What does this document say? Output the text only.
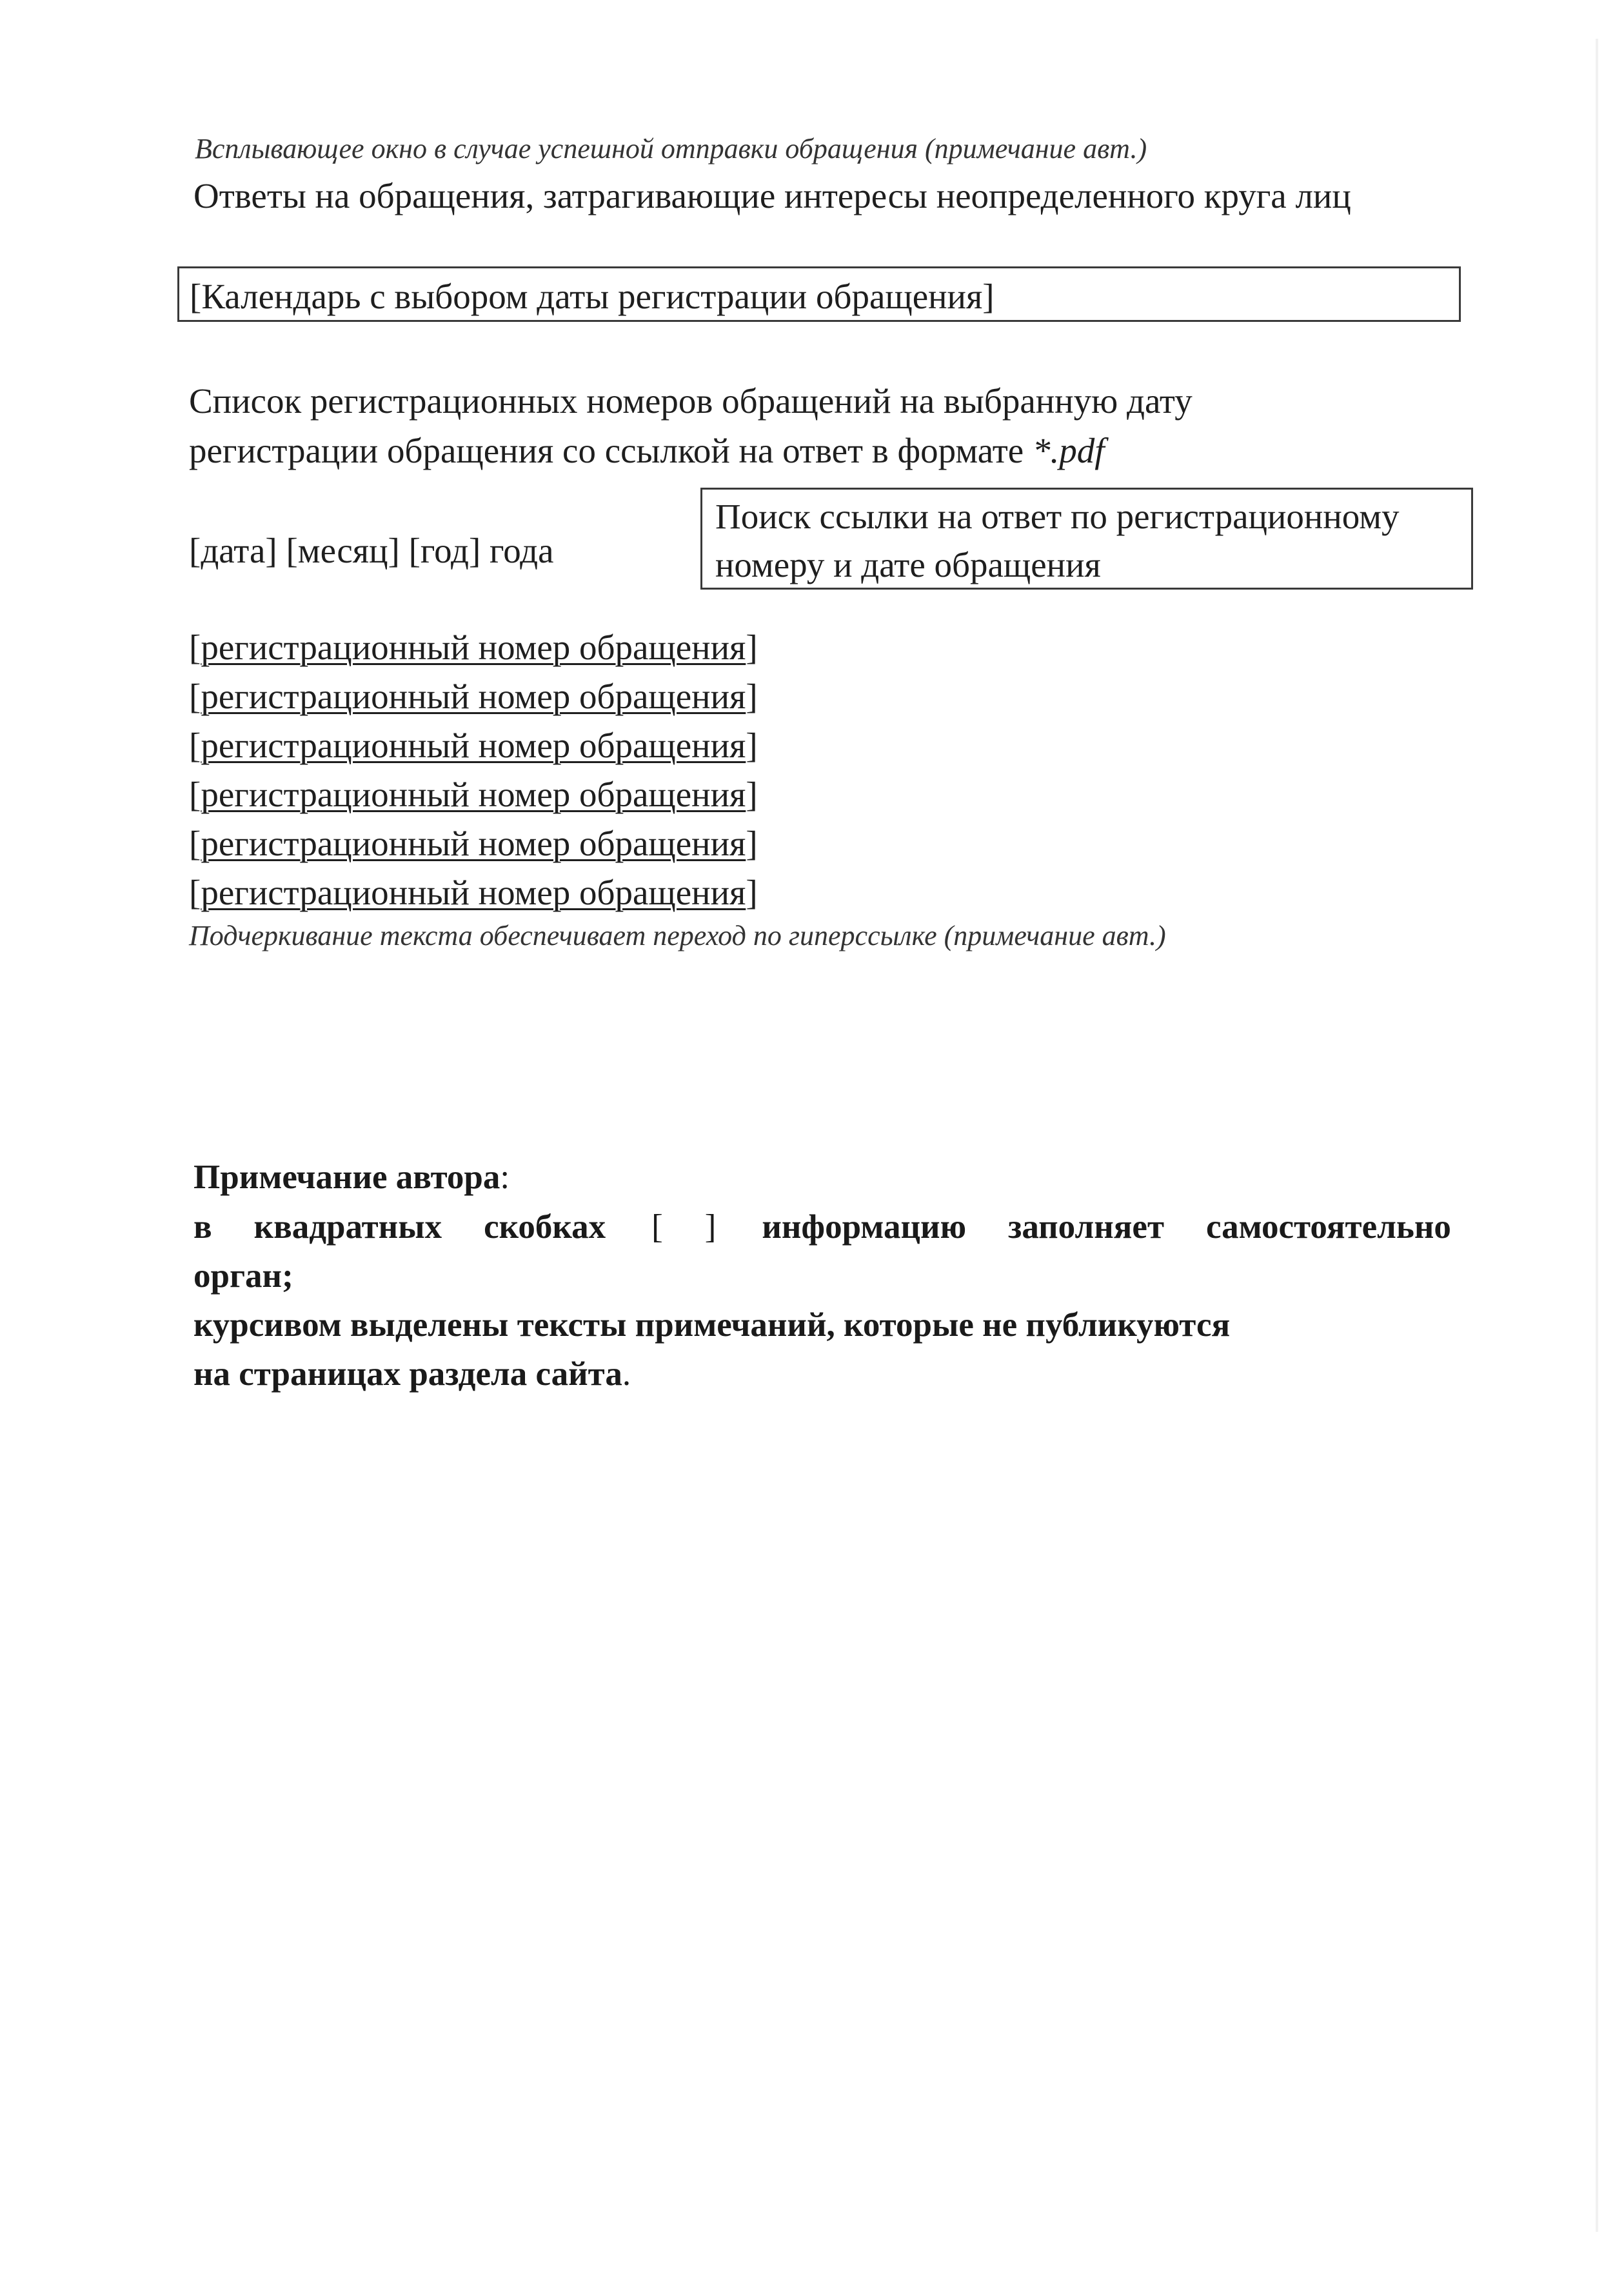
Всплывающее окно в случае успешной отправки обращения (примечание авт.)
Ответы на обращения, затрагивающие интересы неопределенного круга лиц
[Календарь с выбором даты регистрации обращения]
Список регистрационных номеров обращений на выбранную дату
регистрации обращения со ссылкой на ответ в формате *.pdf
[дата] [месяц] [год] года
Поиск ссылки на ответ по регистрационному
номеру и дате обращения
[регистрационный номер обращения]
[регистрационный номер обращения]
[регистрационный номер обращения]
[регистрационный номер обращения]
[регистрационный номер обращения]
[регистрационный номер обращения]
Подчеркивание текста обеспечивает переход по гиперссылке (примечание авт.)
Примечание автора:
в квадратных скобках [ ] информацию заполняет самостоятельно
орган;
курсивом выделены тексты примечаний, которые не публикуются
на страницах раздела сайта.
